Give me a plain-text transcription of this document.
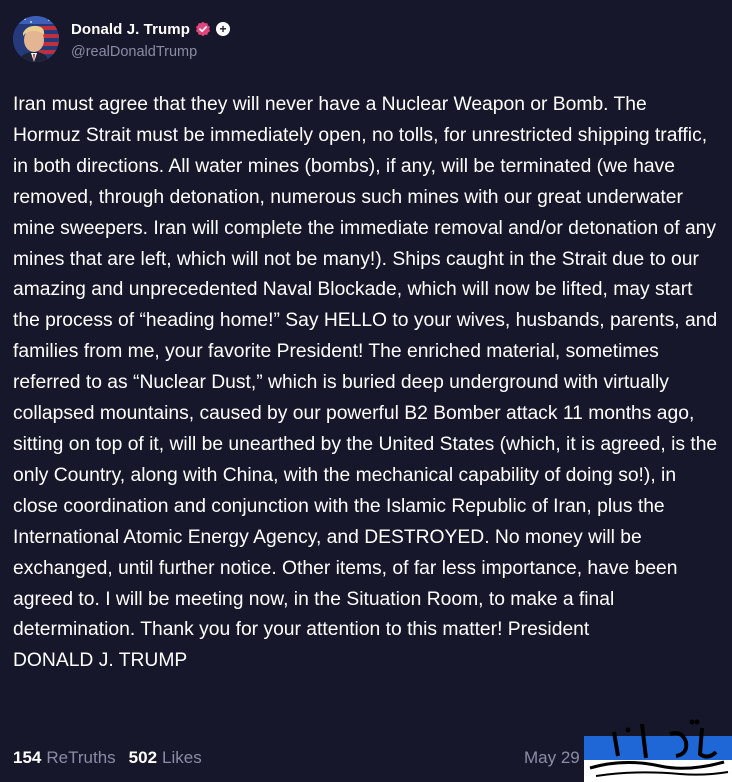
Donald J. Trump +
@realDonaldTrump
Iran must agree that they will never have a Nuclear Weapon or Bomb. The Hormuz Strait must be immediately open, no tolls, for unrestricted shipping traffic, in both directions. All water mines (bombs), if any, will be terminated (we have removed, through detonation, numerous such mines with our great underwater mine sweepers. Iran will complete the immediate removal and/or detonation of any mines that are left, which will not be many!). Ships caught in the Strait due to our amazing and unprecedented Naval Blockade, which will now be lifted, may start the process of “heading home!” Say HELLO to your wives, husbands, parents, and families from me, your favorite President! The enriched material, sometimes referred to as “Nuclear Dust,” which is buried deep underground with virtually collapsed mountains, caused by our powerful B2 Bomber attack 11 months ago, sitting on top of it, will be unearthed by the United States (which, it is agreed, is the only Country, along with China, with the mechanical capability of doing so!), in close coordination and conjunction with the Islamic Republic of Iran, plus the International Atomic Energy Agency, and DESTROYED. No money will be exchanged, until further notice. Other items, of far less importance, have been agreed to. I will be meeting now, in the Situation Room, to make a final determination. Thank you for your attention to this matter! President
DONALD J. TRUMP
154 ReTruths 502 Likes	May 29
